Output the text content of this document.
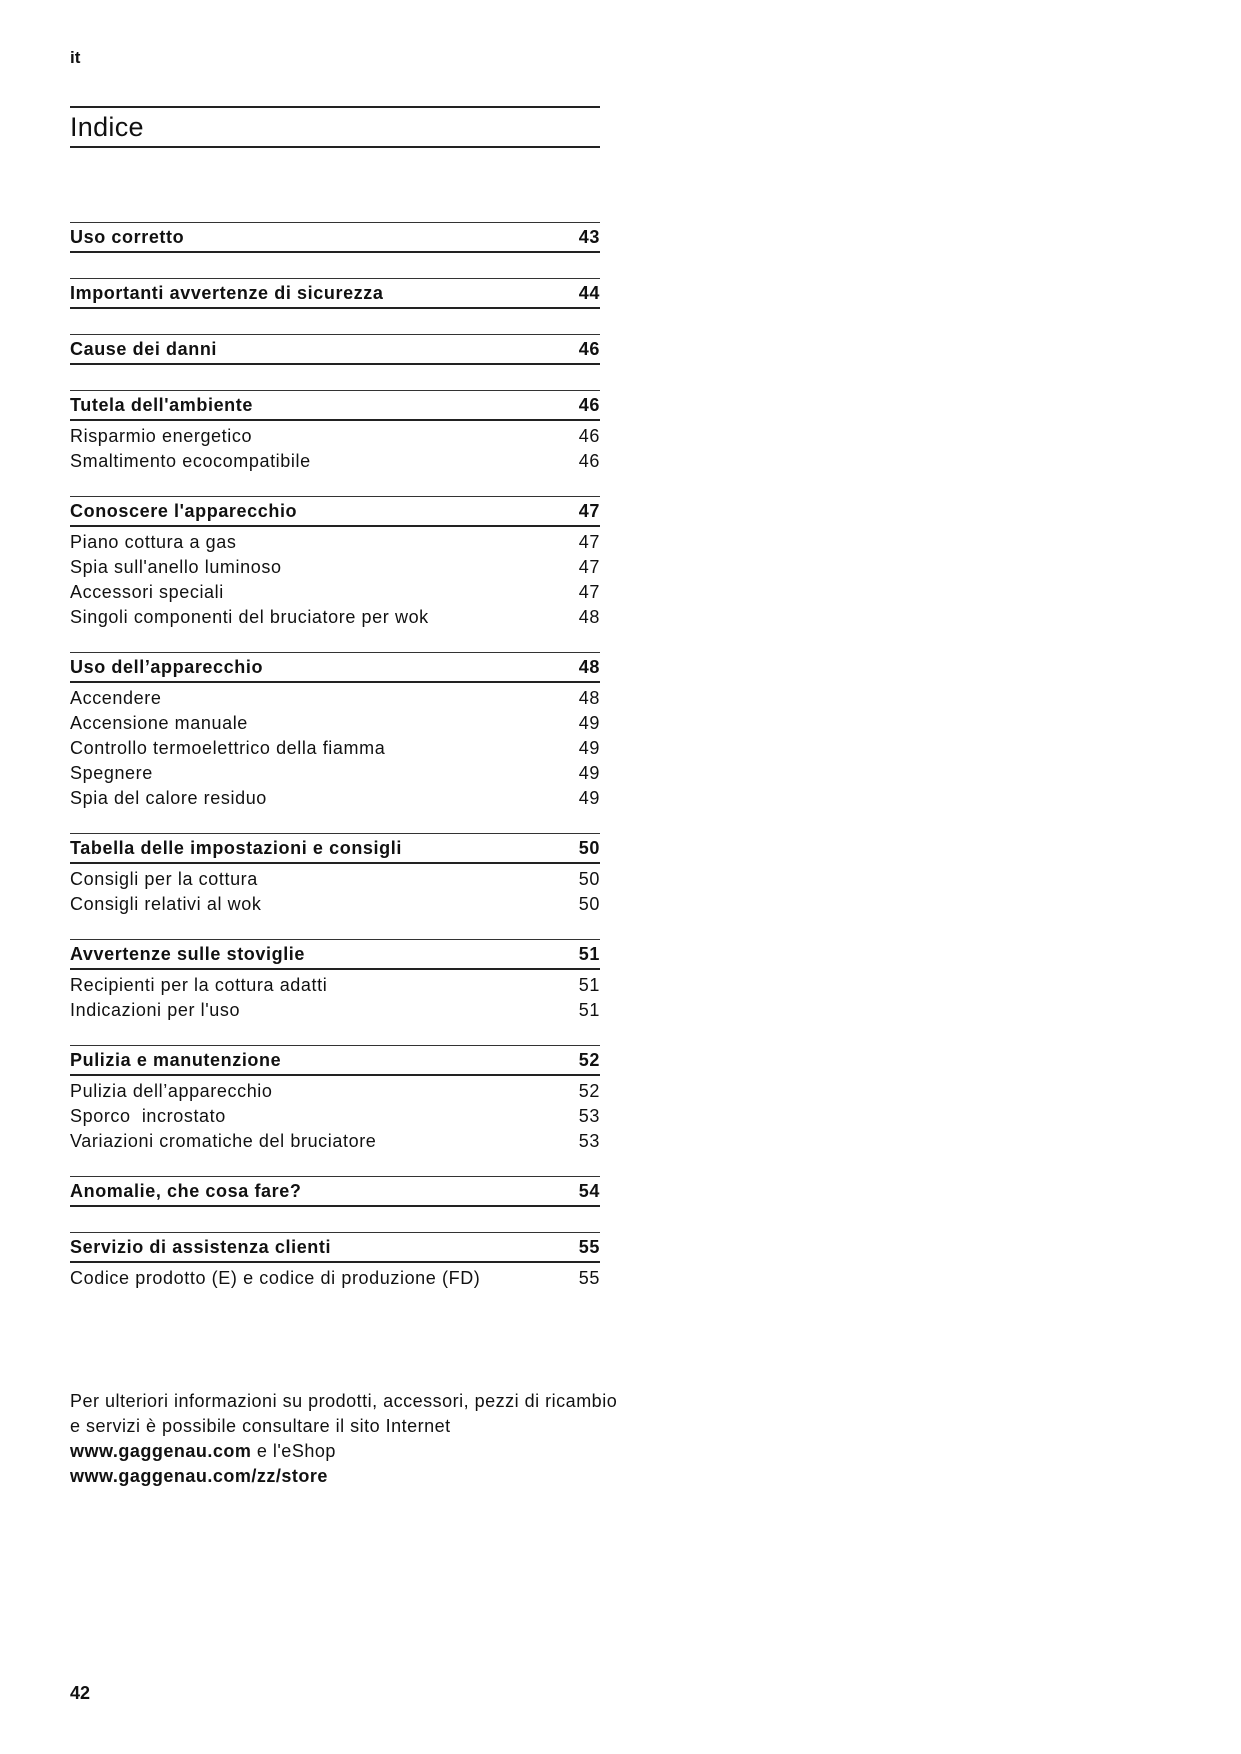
it
Indice
Uso corretto	43
Importanti avvertenze di sicurezza	44
Cause dei danni	46
Tutela dell'ambiente	46
Risparmio energetico	46
Smaltimento ecocompatibile	46
Conoscere l'apparecchio	47
Piano cottura a gas	47
Spia sull'anello luminoso	47
Accessori speciali	47
Singoli componenti del bruciatore per wok	48
Uso dell’apparecchio	48
Accendere	48
Accensione manuale	49
Controllo termoelettrico della fiamma	49
Spegnere	49
Spia del calore residuo	49
Tabella delle impostazioni e consigli	50
Consigli per la cottura	50
Consigli relativi al wok	50
Avvertenze sulle stoviglie	51
Recipienti per la cottura adatti	51
Indicazioni per l'uso	51
Pulizia e manutenzione	52
Pulizia dell’apparecchio	52
Sporco  incrostato	53
Variazioni cromatiche del bruciatore	53
Anomalie, che cosa fare?	54
Servizio di assistenza clienti	55
Codice prodotto (E) e codice di produzione (FD)	55
Per ulteriori informazioni su prodotti, accessori, pezzi di ricambio e servizi è possibile consultare il sito Internet
www.gaggenau.com e l'eShop
www.gaggenau.com/zz/store
42
